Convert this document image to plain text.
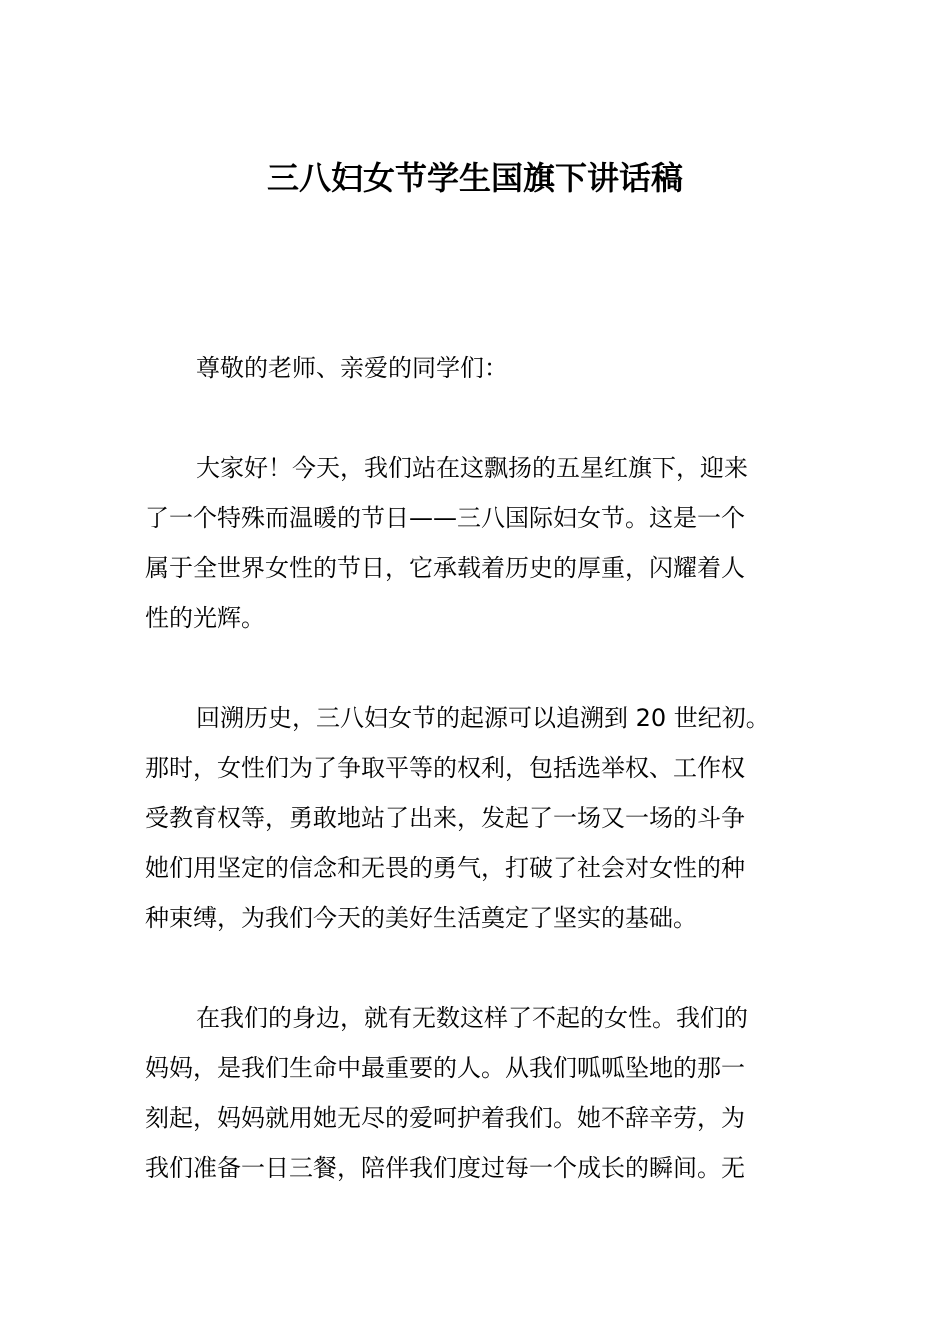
三八妇女节学生国旗下讲话稿

尊敬的老师、亲爱的同学们：

大家好！今天，我们站在这飘扬的五星红旗下，迎来

了一个特殊而温暖的节日——三八国际妇女节。这是一个

属于全世界女性的节日，它承载着历史的厚重，闪耀着人

性的光辉。

回溯历史，三八妇女节的起源可以追溯到 20 世纪初。

那时，女性们为了争取平等的权利，包括选举权、工作权

受教育权等，勇敢地站了出来，发起了一场又一场的斗争

她们用坚定的信念和无畏的勇气，打破了社会对女性的种

种束缚，为我们今天的美好生活奠定了坚实的基础。

在我们的身边，就有无数这样了不起的女性。我们的

妈妈，是我们生命中最重要的人。从我们呱呱坠地的那一

刻起，妈妈就用她无尽的爱呵护着我们。她不辞辛劳，为

我们准备一日三餐，陪伴我们度过每一个成长的瞬间。无
